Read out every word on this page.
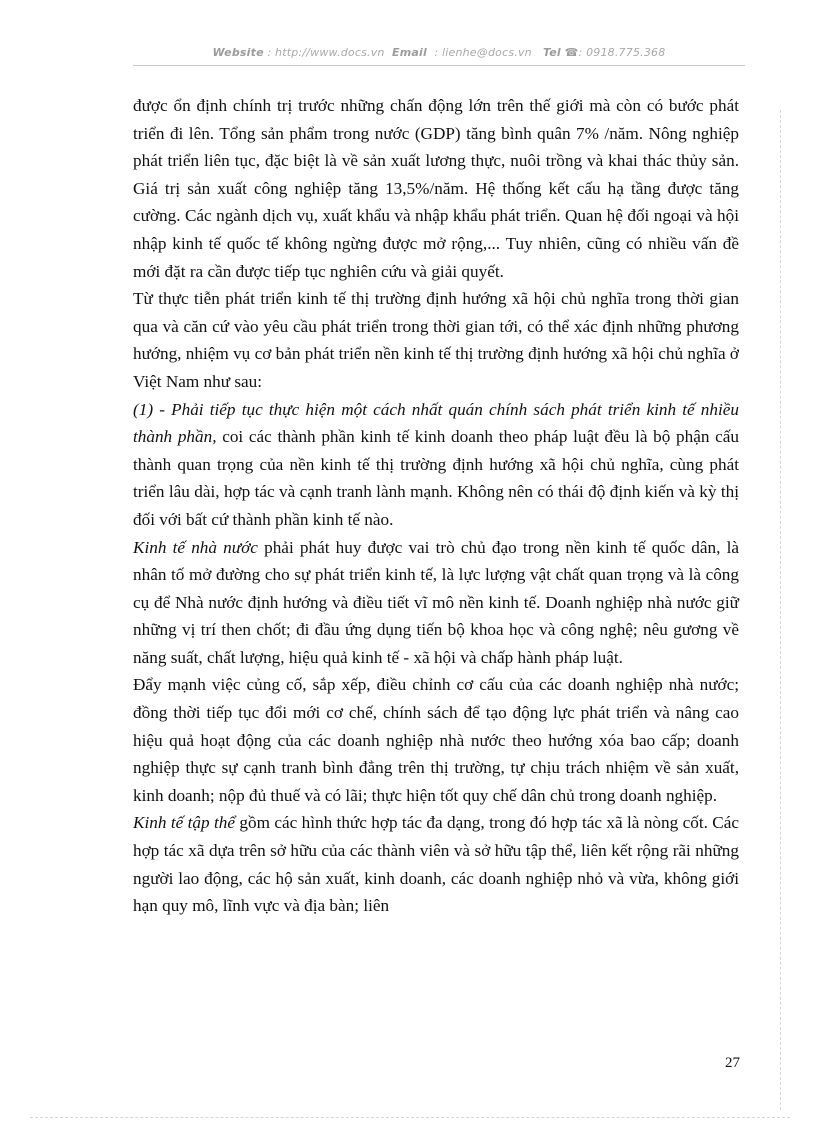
Website : http://www.docs.vn Email : lienhe@docs.vn Tel ☎: 0918.775.368

được ổn định chính trị trước những chấn động lớn trên thế giới mà còn có bước phát triển đi lên. Tổng sản phẩm trong nước (GDP) tăng bình quân 7% /năm. Nông nghiệp phát triển liên tục, đặc biệt là về sản xuất lương thực, nuôi trồng và khai thác thủy sản. Giá trị sản xuất công nghiệp tăng 13,5%/năm. Hệ thống kết cấu hạ tầng được tăng cường. Các ngành dịch vụ, xuất khẩu và nhập khẩu phát triển. Quan hệ đối ngoại và hội nhập kinh tế quốc tế không ngừng được mở rộng,... Tuy nhiên, cũng có nhiều vấn đề mới đặt ra cần được tiếp tục nghiên cứu và giải quyết.

Từ thực tiễn phát triển kinh tế thị trường định hướng xã hội chủ nghĩa trong thời gian qua và căn cứ vào yêu cầu phát triển trong thời gian tới, có thể xác định những phương hướng, nhiệm vụ cơ bản phát triển nền kinh tế thị trường định hướng xã hội chủ nghĩa ở Việt Nam như sau:

(1) - Phải tiếp tục thực hiện một cách nhất quán chính sách phát triển kinh tế nhiều thành phần, coi các thành phần kinh tế kinh doanh theo pháp luật đều là bộ phận cấu thành quan trọng của nền kinh tế thị trường định hướng xã hội chủ nghĩa, cùng phát triển lâu dài, hợp tác và cạnh tranh lành mạnh. Không nên có thái độ định kiến và kỳ thị đối với bất cứ thành phần kinh tế nào.

Kinh tế nhà nước phải phát huy được vai trò chủ đạo trong nền kinh tế quốc dân, là nhân tố mở đường cho sự phát triển kinh tế, là lực lượng vật chất quan trọng và là công cụ để Nhà nước định hướng và điều tiết vĩ mô nền kinh tế. Doanh nghiệp nhà nước giữ những vị trí then chốt; đi đầu ứng dụng tiến bộ khoa học và công nghệ; nêu gương về năng suất, chất lượng, hiệu quả kinh tế - xã hội và chấp hành pháp luật.

Đẩy mạnh việc củng cố, sắp xếp, điều chỉnh cơ cấu của các doanh nghiệp nhà nước; đồng thời tiếp tục đổi mới cơ chế, chính sách để tạo động lực phát triển và nâng cao hiệu quả hoạt động của các doanh nghiệp nhà nước theo hướng xóa bao cấp; doanh nghiệp thực sự cạnh tranh bình đẳng trên thị trường, tự chịu trách nhiệm về sản xuất, kinh doanh; nộp đủ thuế và có lãi; thực hiện tốt quy chế dân chủ trong doanh nghiệp.

Kinh tế tập thể gồm các hình thức hợp tác đa dạng, trong đó hợp tác xã là nòng cốt. Các hợp tác xã dựa trên sở hữu của các thành viên và sở hữu tập thể, liên kết rộng rãi những người lao động, các hộ sản xuất, kinh doanh, các doanh nghiệp nhỏ và vừa, không giới hạn quy mô, lĩnh vực và địa bàn; liên

27
